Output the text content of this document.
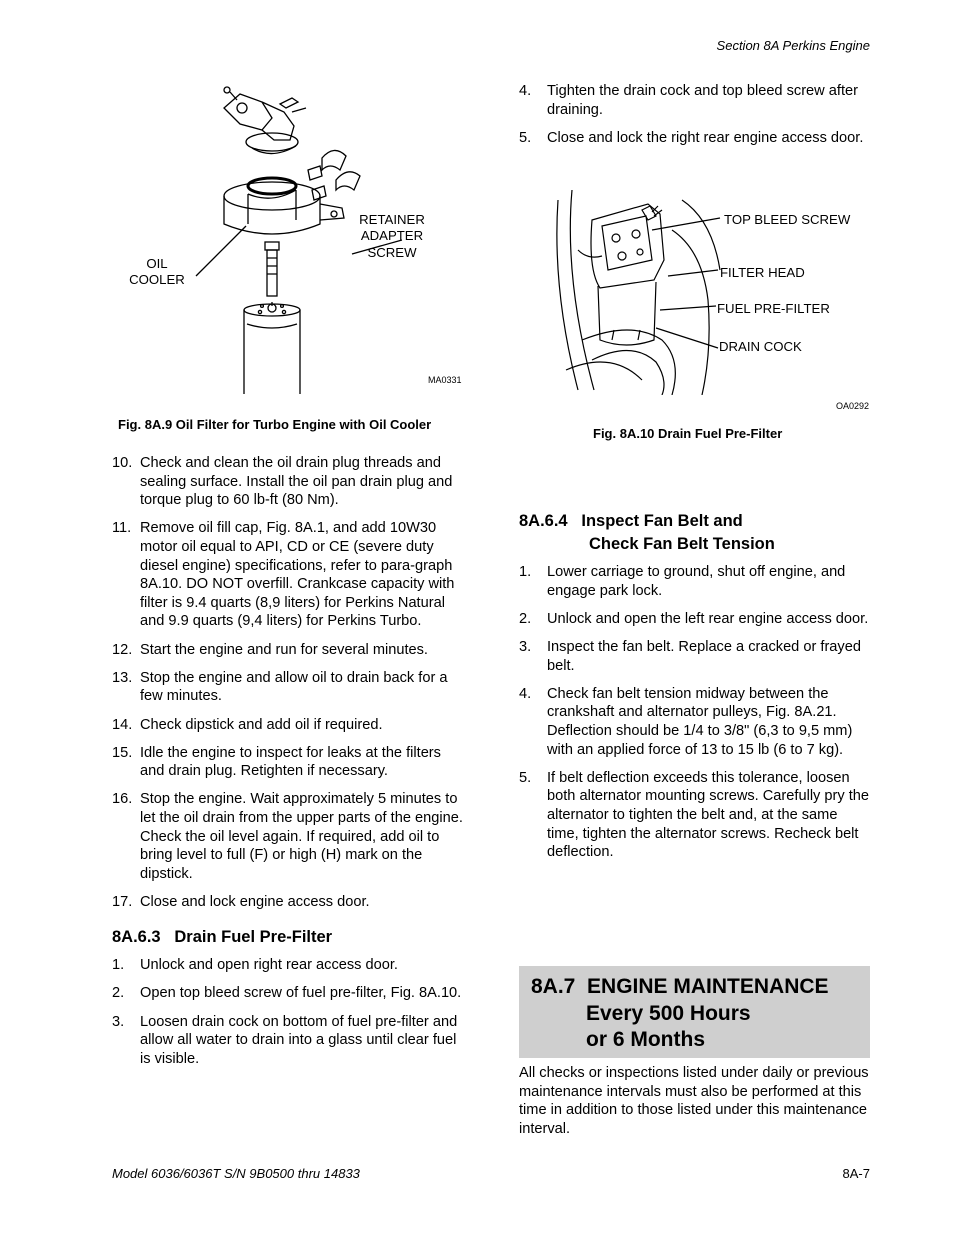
Section 8A Perkins Engine
RETAINER
ADAPTER
SCREW
OIL
COOLER
MA0331
Fig. 8A.9 Oil Filter for Turbo Engine with Oil Cooler
10. Check and clean the oil drain plug threads and sealing surface. Install the oil pan drain plug and torque plug to 60 lb-ft (80 Nm).
11. Remove oil fill cap, Fig. 8A.1, and add 10W30 motor oil equal to API, CD or CE (severe duty diesel engine) specifications, refer to para-graph 8A.10. DO NOT overfill. Crankcase capacity with filter is 9.4 quarts (8,9 liters) for Perkins Natural and 9.9 quarts (9,4 liters) for Perkins Turbo.
12. Start the engine and run for several minutes.
13. Stop the engine and allow oil to drain back for a few minutes.
14. Check dipstick and add oil if required.
15. Idle the engine to inspect for leaks at the filters and drain plug. Retighten if necessary.
16. Stop the engine. Wait approximately 5 minutes to let the oil drain from the upper parts of the engine. Check the oil level again. If required, add oil to bring level to full (F) or high (H) mark on the dipstick.
17. Close and lock engine access door.
8A.6.3 Drain Fuel Pre-Filter
1.	Unlock and open right rear access door.
2.	Open top bleed screw of fuel pre-filter, Fig. 8A.10.
3.	Loosen drain cock on bottom of fuel pre-filter and allow all water to drain into a glass until clear fuel is visible.
4.	Tighten the drain cock and top bleed screw after draining.
5.	Close and lock the right rear engine access door.
TOP BLEED SCREW
FILTER HEAD
FUEL PRE-FILTER
DRAIN COCK
OA0292
Fig. 8A.10 Drain Fuel Pre-Filter
8A.6.4 Inspect Fan Belt and
Check Fan Belt Tension
1.	Lower carriage to ground, shut off engine, and engage park lock.
2.	Unlock and open the left rear engine access door.
3.	Inspect the fan belt. Replace a cracked or frayed belt.
4.	Check fan belt tension midway between the crankshaft and alternator pulleys, Fig. 8A.21. Deflection should be 1/4 to 3/8" (6,3 to 9,5 mm) with an applied force of 13 to 15 lb (6 to 7 kg).
5.	If belt deflection exceeds this tolerance, loosen both alternator mounting screws. Carefully pry the alternator to tighten the belt and, at the same time, tighten the alternator screws. Recheck belt deflection.
8A.7 ENGINE MAINTENANCE
Every 500 Hours
or 6 Months
All checks or inspections listed under daily or previous maintenance intervals must also be performed at this time in addition to those listed under this maintenance interval.
Model 6036/6036T S/N 9B0500 thru 14833	8A-7
